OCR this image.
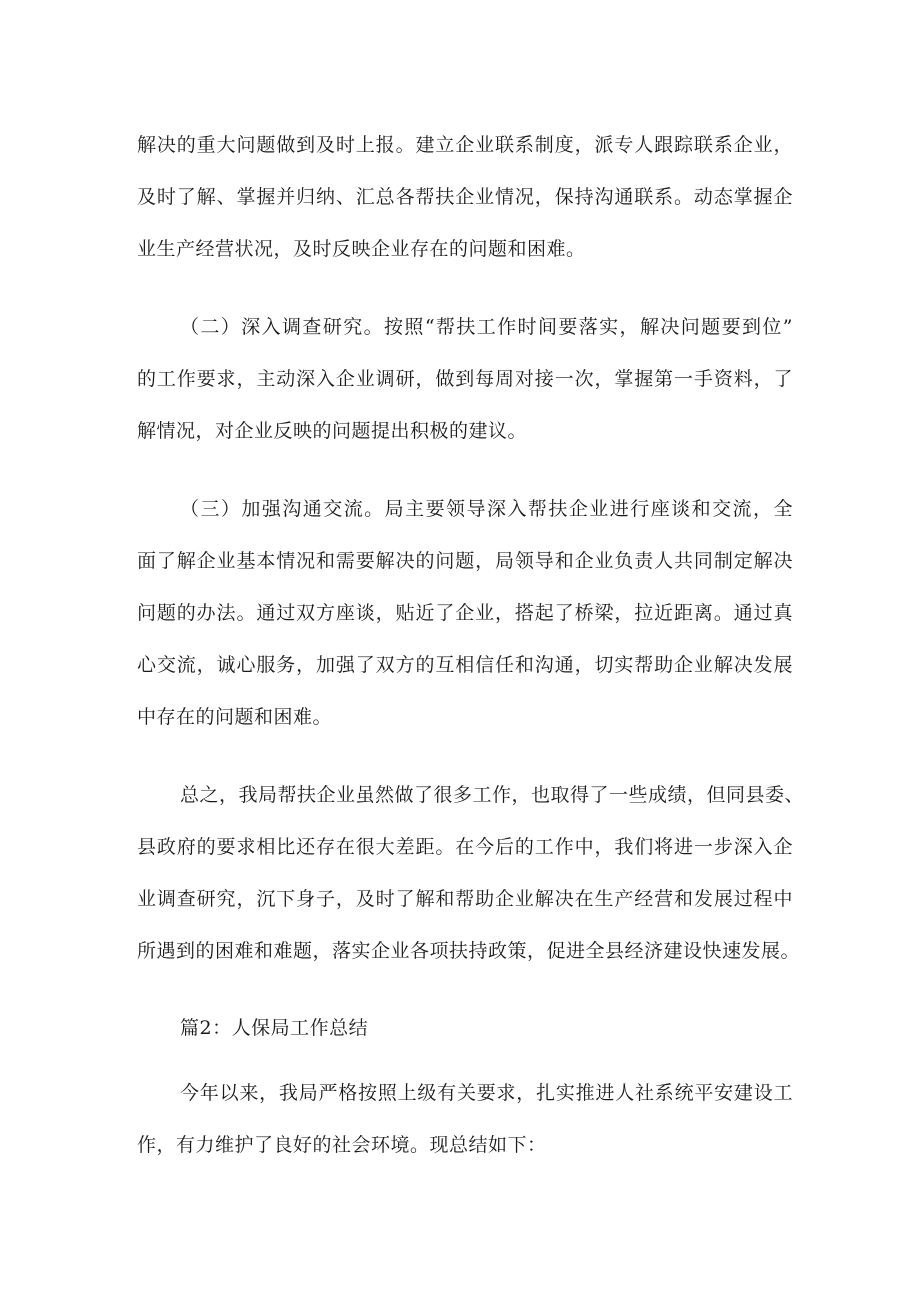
解决的重大问题做到及时上报。建立企业联系制度，派专人跟踪联系企业，
及时了解、掌握并归纳、汇总各帮扶企业情况，保持沟通联系。动态掌握企
业生产经营状况，及时反映企业存在的问题和困难。
（二）深入调查研究。按照“帮扶工作时间要落实，解决问题要到位”
的工作要求，主动深入企业调研，做到每周对接一次，掌握第一手资料，了
解情况，对企业反映的问题提出积极的建议。
（三）加强沟通交流。局主要领导深入帮扶企业进行座谈和交流，全
面了解企业基本情况和需要解决的问题，局领导和企业负责人共同制定解决
问题的办法。通过双方座谈，贴近了企业，搭起了桥梁，拉近距离。通过真
心交流，诚心服务，加强了双方的互相信任和沟通，切实帮助企业解决发展
中存在的问题和困难。
总之，我局帮扶企业虽然做了很多工作，也取得了一些成绩，但同县委、
县政府的要求相比还存在很大差距。在今后的工作中，我们将进一步深入企
业调查研究，沉下身子，及时了解和帮助企业解决在生产经营和发展过程中
所遇到的困难和难题，落实企业各项扶持政策，促进全县经济建设快速发展。
篇2：人保局工作总结
今年以来，我局严格按照上级有关要求，扎实推进人社系统平安建设工
作，有力维护了良好的社会环境。现总结如下：
